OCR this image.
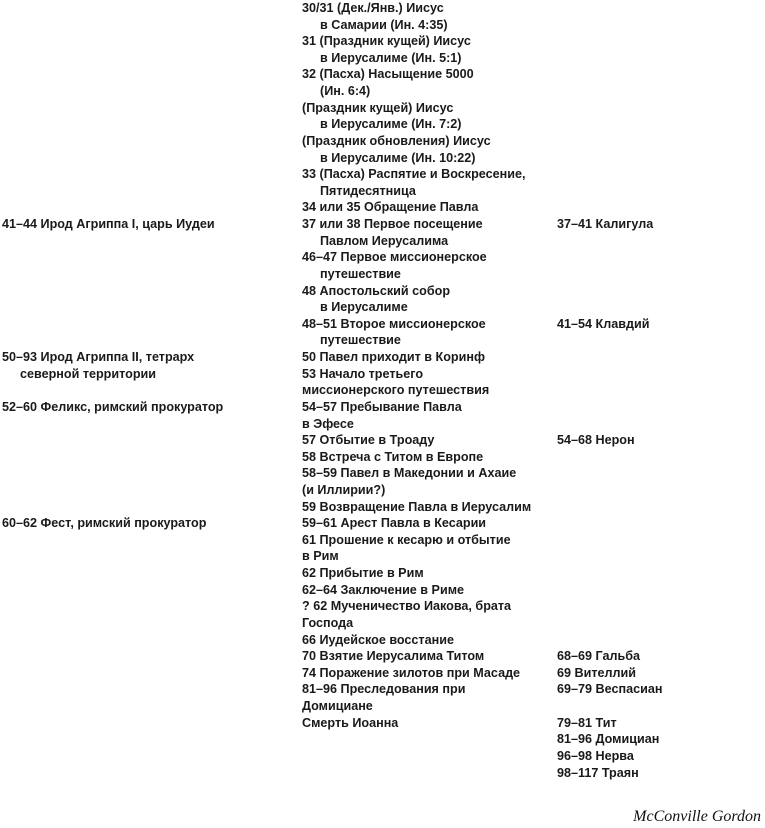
41–44 Ирод Агриппа I, царь Иудеи
50–93 Ирод Агриппа II, тетрарх
северной территории
52–60 Феликс, римский прокуратор
60–62 Фест, римский прокуратор
30/31 (Дек./Янв.) Иисус
в Самарии (Ин. 4:35)
31 (Праздник кущей) Иисус
в Иерусалиме (Ин. 5:1)
32 (Пасха) Насыщение 5000
(Ин. 6:4)
(Праздник кущей) Иисус
в Иерусалиме (Ин. 7:2)
(Праздник обновления) Иисус
в Иерусалиме (Ин. 10:22)
33 (Пасха) Распятие и Воскресение,
Пятидесятница
34 или 35 Обращение Павла
37 или 38 Первое посещение
Павлом Иерусалима
46–47 Первое миссионерское
путешествие
48 Апостольский собор
в Иерусалиме
48–51 Второе миссионерское
путешествие
50 Павел приходит в Коринф
53 Начало третьего
миссионерского путешествия
54–57 Пребывание Павла
в Эфесе
57 Отбытие в Троаду
58 Встреча с Титом в Европе
58–59 Павел в Македонии и Ахаие
(и Иллирии?)
59 Возвращение Павла в Иерусалим
59–61 Арест Павла в Кесарии
61 Прошение к кесарю и отбытие
в Рим
62 Прибытие в Рим
62–64 Заключение в Риме
? 62 Мученичество Иакова, брата
Господа
66 Иудейское восстание
70 Взятие Иерусалима Титом
74 Поражение зилотов при Масаде
81–96 Преследования при
Домициане
Смерть Иоанна
37–41 Калигула
41–54 Клавдий
54–68 Нерон
68–69 Гальба
69 Вителлий
69–79 Веспасиан
79–81 Тит
81–96 Домициан
96–98 Нерва
98–117 Траян
McConville Gordon
